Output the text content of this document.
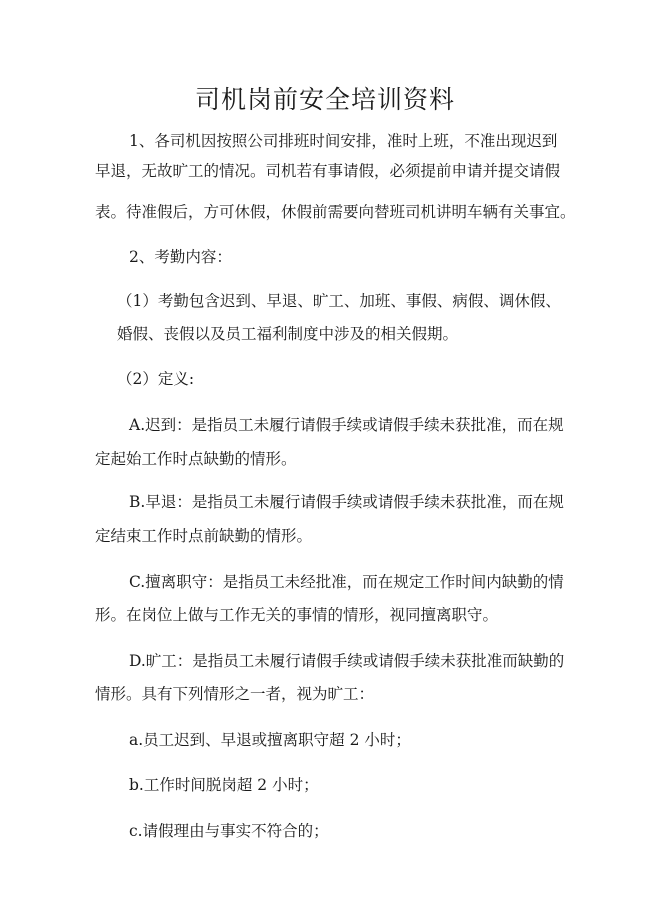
司机岗前安全培训资料

1、各司机因按照公司排班时间安排，准时上班，不准出现迟到

早退，无故旷工的情况。司机若有事请假，必须提前申请并提交请假

表。待准假后，方可休假，休假前需要向替班司机讲明车辆有关事宜。

2、考勤内容：

（1）考勤包含迟到、早退、旷工、加班、事假、病假、调休假、

婚假、丧假以及员工福利制度中涉及的相关假期。

（2）定义:

A.迟到：是指员工未履行请假手续或请假手续未获批准，而在规

定起始工作时点缺勤的情形。

B.早退：是指员工未履行请假手续或请假手续未获批准，而在规

定结束工作时点前缺勤的情形。

C.擅离职守：是指员工未经批准，而在规定工作时间内缺勤的情

形。在岗位上做与工作无关的事情的情形，视同擅离职守。

D.旷工：是指员工未履行请假手续或请假手续未获批准而缺勤的

情形。具有下列情形之一者，视为旷工：

a.员工迟到、早退或擅离职守超 2 小时；

b.工作时间脱岗超 2 小时；

c.请假理由与事实不符合的；
